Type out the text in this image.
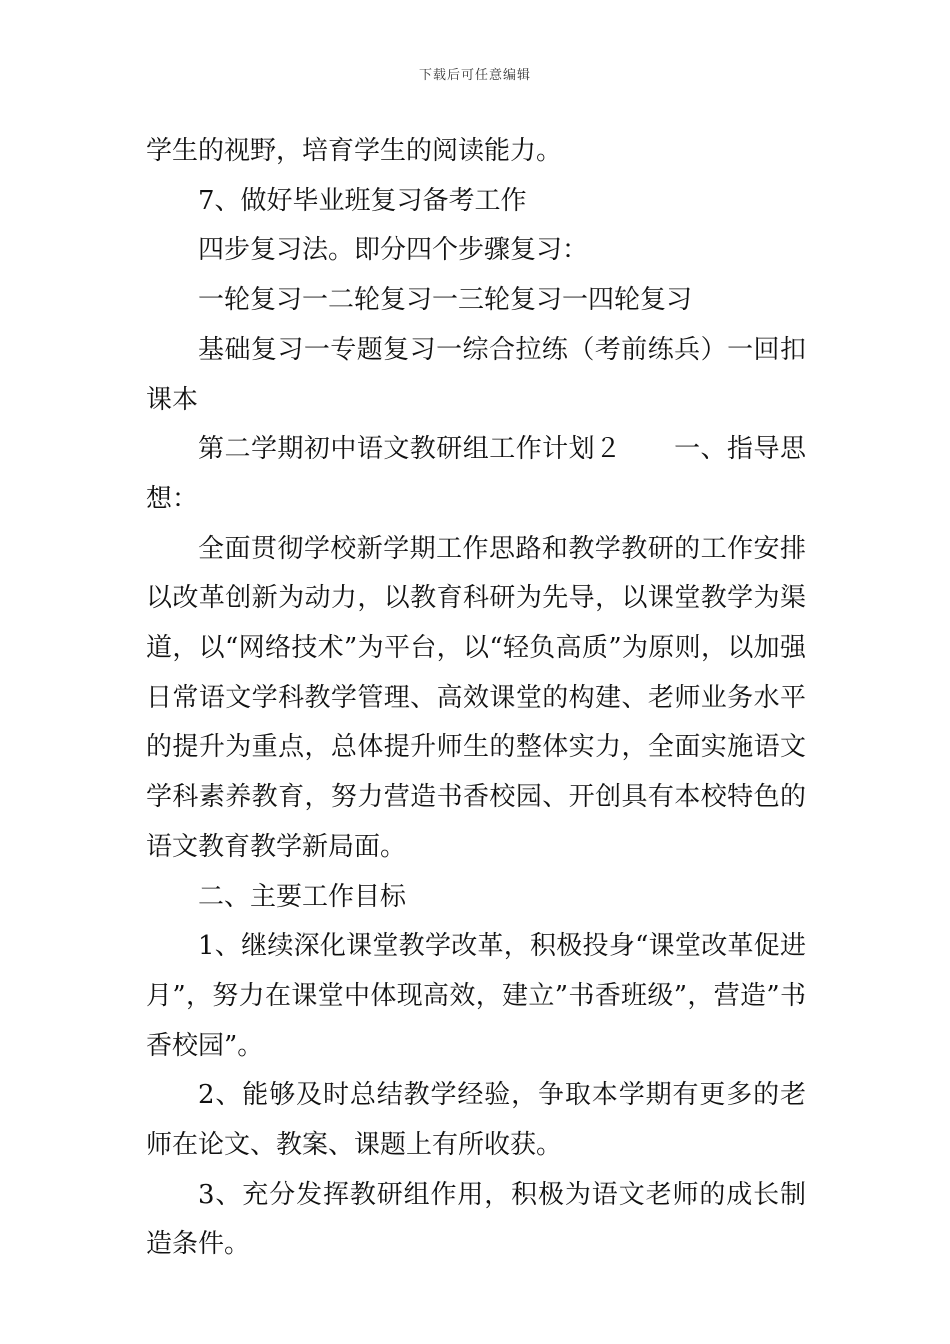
下载后可任意编辑

学生的视野，培育学生的阅读能力。

7、做好毕业班复习备考工作

四步复习法。即分四个步骤复习：

一轮复习一二轮复习一三轮复习一四轮复习

基础复习一专题复习一综合拉练（考前练兵）一回扣课本

第二学期初中语文教研组工作计划２ 一、指导思想：

全面贯彻学校新学期工作思路和教学教研的工作安排以改革创新为动力，以教育科研为先导，以课堂教学为渠道，以“网络技术”为平台，以“轻负高质”为原则，以加强日常语文学科教学管理、高效课堂的构建、老师业务水平的提升为重点，总体提升师生的整体实力，全面实施语文学科素养教育，努力营造书香校园、开创具有本校特色的语文教育教学新局面。

二、主要工作目标

1、继续深化课堂教学改革，积极投身“课堂改革促进月”，努力在课堂中体现高效，建立”书香班级”，营造”书香校园”。

2、能够及时总结教学经验，争取本学期有更多的老师在论文、教案、课题上有所收获。

3、充分发挥教研组作用，积极为语文老师的成长制造条件。
